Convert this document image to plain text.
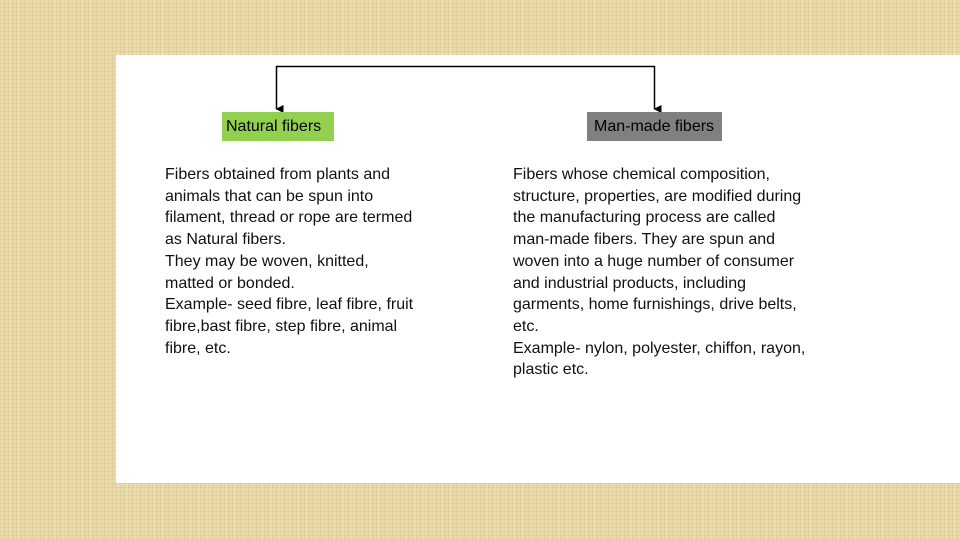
Natural fibers	Man-made fibers
Fibers obtained from plants and
animals that can be spun into
filament, thread or rope are termed
as Natural fibers.
They may be woven, knitted,
matted or bonded.
Example- seed fibre, leaf fibre, fruit
fibre,bast fibre, step fibre, animal
fibre, etc.
Fibers whose chemical composition,
structure, properties, are modified during
the manufacturing process are called
man-made fibers. They are spun and
woven into a huge number of consumer
and industrial products, including
garments, home furnishings, drive belts,
etc.
Example- nylon, polyester, chiffon, rayon,
plastic etc.
